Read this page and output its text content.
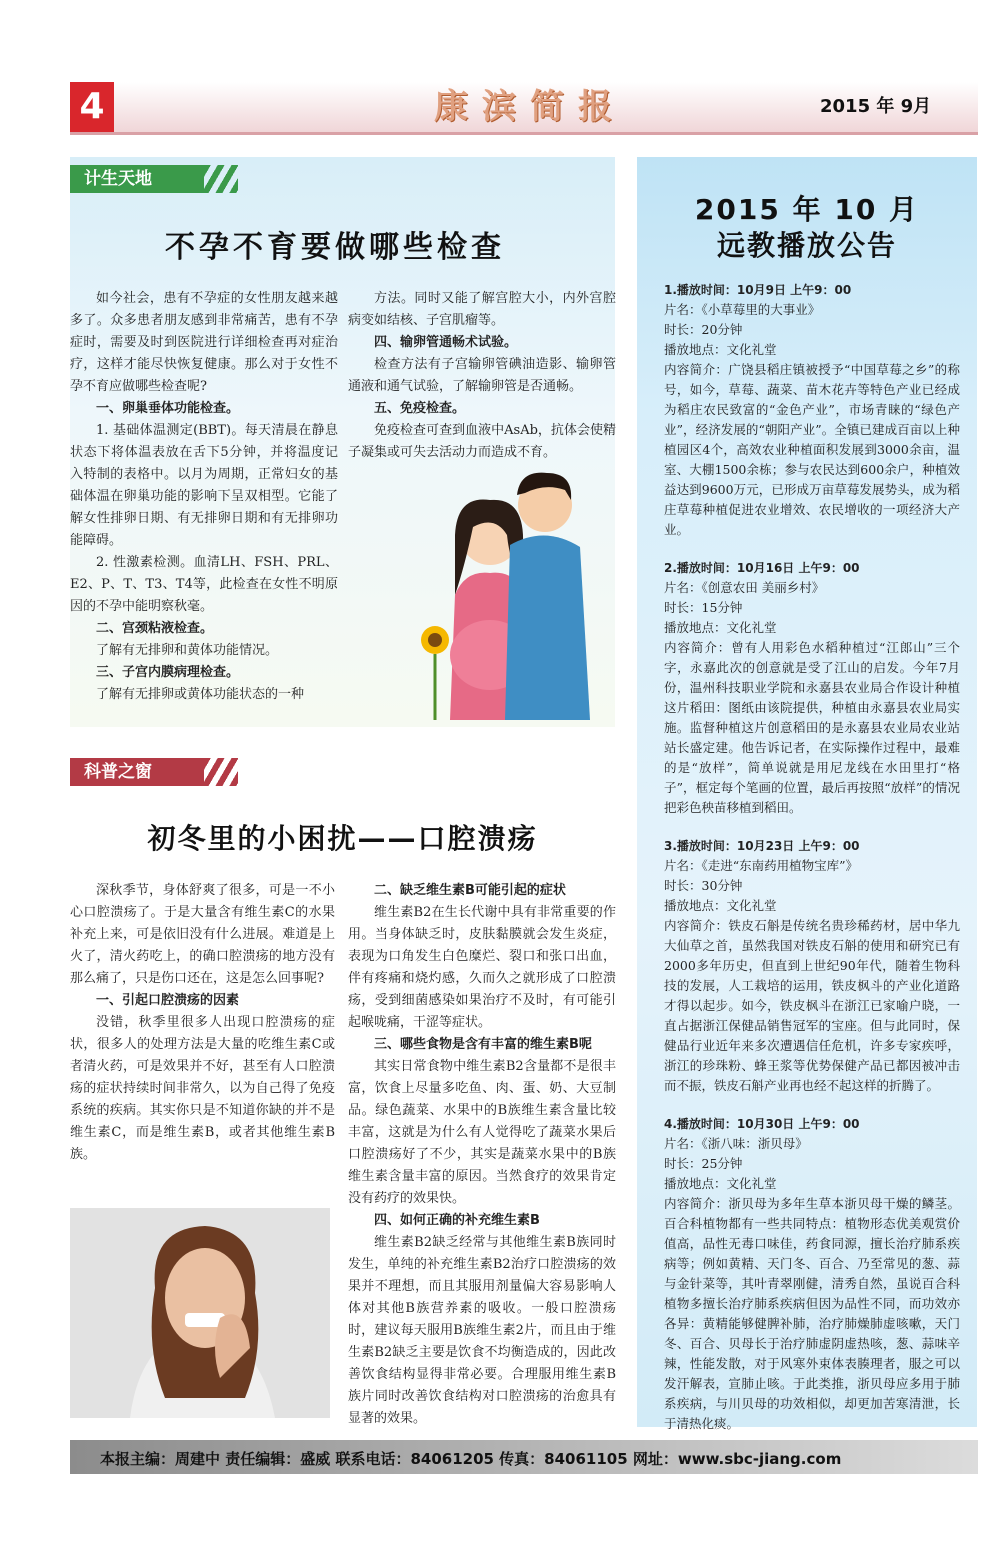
4	康滨简报	2015 年 9月
计生天地
不孕不育要做哪些检查

如今社会，患有不孕症的女性朋友越来越多了。众多患者朋友感到非常痛苦，患有不孕症时，需要及时到医院进行详细检查再对症治疗，这样才能尽快恢复健康。那么对于女性不孕不育应做哪些检查呢?

一、卵巢垂体功能检查。

1. 基础体温测定(BBT)。每天清晨在静息状态下将体温表放在舌下5分钟，并将温度记入特制的表格中。以月为周期，正常妇女的基础体温在卵巢功能的影响下呈双相型。它能了解女性排卵日期、有无排卵日期和有无排卵功能障碍。

2. 性激素检测。血清LH、FSH、PRL、E2、P、T、T3、T4等，此检查在女性不明原因的不孕中能明察秋毫。

二、宫颈粘液检查。

了解有无排卵和黄体功能情况。

三、子宫内膜病理检查。

了解有无排卵或黄体功能状态的一种

方法。同时又能了解宫腔大小，内外宫腔病变如结核、子宫肌瘤等。

四、输卵管通畅术试验。

检查方法有子宫输卵管碘油造影、输卵管通液和通气试验，了解输卵管是否通畅。

五、免疫检查。

免疫检查可查到血液中AsAb，抗体会使精子凝集或可失去活动力而造成不育。

科普之窗
初冬里的小困扰——口腔溃疡

深秋季节，身体舒爽了很多，可是一不小心口腔溃疡了。于是大量含有维生素C的水果补充上来，可是依旧没有什么进展。难道是上火了，清火药吃上，的确口腔溃疡的地方没有那么痛了，只是伤口还在，这是怎么回事呢?

一、引起口腔溃疡的因素

没错，秋季里很多人出现口腔溃疡的症状，很多人的处理方法是大量的吃维生素C或者清火药，可是效果并不好，甚至有人口腔溃疡的症状持续时间非常久，以为自己得了免疫系统的疾病。其实你只是不知道你缺的并不是维生素C，而是维生素B，或者其他维生素B族。

二、缺乏维生素B可能引起的症状

维生素B2在生长代谢中具有非常重要的作用。当身体缺乏时，皮肤黏膜就会发生炎症，表现为口角发生白色糜烂、裂口和张口出血，伴有疼痛和烧灼感，久而久之就形成了口腔溃疡，受到细菌感染如果治疗不及时，有可能引起喉咙痛，干涩等症状。

三、哪些食物是含有丰富的维生素B呢

其实日常食物中维生素B2含量都不是很丰富，饮食上尽量多吃鱼、肉、蛋、奶、大豆制品。绿色蔬菜、水果中的B族维生素含量比较丰富，这就是为什么有人觉得吃了蔬菜水果后口腔溃疡好了不少，其实是蔬菜水果中的B族维生素含量丰富的原因。当然食疗的效果肯定没有药疗的效果快。

四、如何正确的补充维生素B

维生素B2缺乏经常与其他维生素B族同时发生，单纯的补充维生素B2治疗口腔溃疡的效果并不理想，而且其服用剂量偏大容易影响人体对其他B族营养素的吸收。一般口腔溃疡时，建议每天服用B族维生素2片，而且由于维生素B2缺乏主要是饮食不均衡造成的，因此改善饮食结构显得非常必要。合理服用维生素B族片同时改善饮食结构对口腔溃疡的治愈具有显著的效果。

2015 年 10 月
远教播放公告
1.播放时间：10月9日 上午9：00
片名：《小草莓里的大事业》
时长：20分钟
播放地点：文化礼堂
内容简介：广饶县稻庄镇被授予“中国草莓之乡”的称号，如今，草莓、蔬菜、苗木花卉等特色产业已经成为稻庄农民致富的“金色产业”，市场青睐的“绿色产业”，经济发展的“朝阳产业”。全镇已建成百亩以上种植园区4个，高效农业种植面积发展到3000余亩，温室、大棚1500余栋；参与农民达到600余户，种植效益达到9600万元，已形成万亩草莓发展势头，成为稻庄草莓种植促进农业增效、农民增收的一项经济大产业。
2.播放时间：10月16日 上午9：00
片名：《创意农田 美丽乡村》
时长：15分钟
播放地点：文化礼堂
内容简介：曾有人用彩色水稻种植过“江郎山”三个字，永嘉此次的创意就是受了江山的启发。今年7月份，温州科技职业学院和永嘉县农业局合作设计种植这片稻田：图纸由该院提供，种植由永嘉县农业局实施。监督种植这片创意稻田的是永嘉县农业局农业站站长盛定建。他告诉记者，在实际操作过程中，最难的是“放样”，简单说就是用尼龙线在水田里打“格子”，框定每个笔画的位置，最后再按照“放样”的情况把彩色秧苗移植到稻田。
3.播放时间：10月23日 上午9：00
片名：《走进“东南药用植物宝库”》
时长：30分钟
播放地点：文化礼堂
内容简介：铁皮石斛是传统名贵珍稀药材，居中华九大仙草之首，虽然我国对铁皮石斛的使用和研究已有2000多年历史，但直到上世纪90年代，随着生物科技的发展，人工栽培的运用，铁皮枫斗的产业化道路才得以起步。如今，铁皮枫斗在浙江已家喻户晓，一直占据浙江保健品销售冠军的宝座。但与此同时，保健品行业近年来多次遭遇信任危机，许多专家疾呼，浙江的珍珠粉、蜂王浆等优势保健产品已都因被冲击而不振，铁皮石斛产业再也经不起这样的折腾了。
4.播放时间：10月30日 上午9：00
片名：《浙八味：浙贝母》
时长：25分钟
播放地点：文化礼堂
内容简介：浙贝母为多年生草本浙贝母干燥的鳞茎。百合科植物都有一些共同特点：植物形态优美观赏价值高，品性无毒口味佳，药食同源，擅长治疗肺系疾病等；例如黄精、天门冬、百合、乃至常见的葱、蒜与金针菜等，其叶青翠刚健，清秀自然，虽说百合科植物多擅长治疗肺系疾病但因为品性不同，而功效亦各异：黄精能够健脾补肺，治疗肺燥肺虚咳嗽，天门冬、百合、贝母长于治疗肺虚阴虚热咳，葱、蒜味辛辣，性能发散，对于风寒外束体表腠理者，服之可以发汗解表，宣肺止咳。于此类推，浙贝母应多用于肺系疾病，与川贝母的功效相似，却更加苦寒清泄，长于清热化痰。
本报主编：周建中 责任编辑：盛威 联系电话：84061205 传真：84061105 网址：www.sbc-jiang.com
